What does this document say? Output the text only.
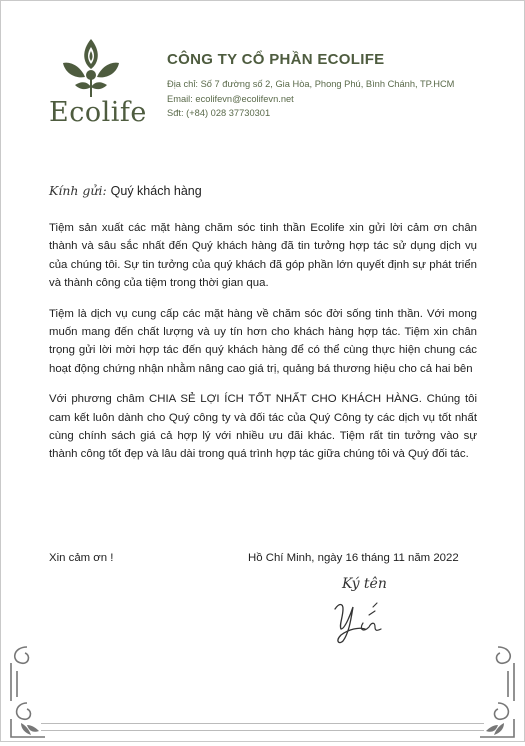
Ecolife
CÔNG TY CỔ PHẦN ECOLIFE
Địa chỉ: Số 7 đường số 2, Gia Hòa, Phong Phú, Bình Chánh, TP.HCM
Email: ecolifevn@ecolifevn.net
Sđt: (+84) 028 37730301
Kính gửi: Quý khách hàng

Tiệm sản xuất các mặt hàng chăm sóc tinh thần Ecolife xin gửi lời cảm ơn chân thành và sâu sắc nhất đến Quý khách hàng đã tin tưởng hợp tác sử dụng dịch vụ của chúng tôi. Sự tin tưởng của quý khách đã góp phần lớn quyết định sự phát triển và thành công của tiệm trong thời gian qua.

Tiệm là dịch vụ cung cấp các mặt hàng về chăm sóc đời sống tinh thần. Với mong muốn mang đến chất lượng và uy tín hơn cho khách hàng hợp tác. Tiệm xin chân trọng gửi lời mời hợp tác đến quý khách hàng để có thể cùng thực hiện chung các hoạt động chứng nhận nhằm nâng cao giá trị, quảng bá thương hiệu cho cả hai bên

Với phương châm CHIA SẺ LỢI ÍCH TỐT NHẤT CHO KHÁCH HÀNG. Chúng tôi cam kết luôn dành cho Quý công ty và đối tác của Quý Công ty các dịch vụ tốt nhất cùng chính sách giá cả hợp lý với nhiều ưu đãi khác. Tiệm rất tin tưởng vào sự thành công tốt đẹp và lâu dài trong quá trình hợp tác giữa chúng tôi và Quý đối tác.

Xin cảm ơn !	Hồ Chí Minh, ngày 16 tháng 11 năm 2022
Ký tên
